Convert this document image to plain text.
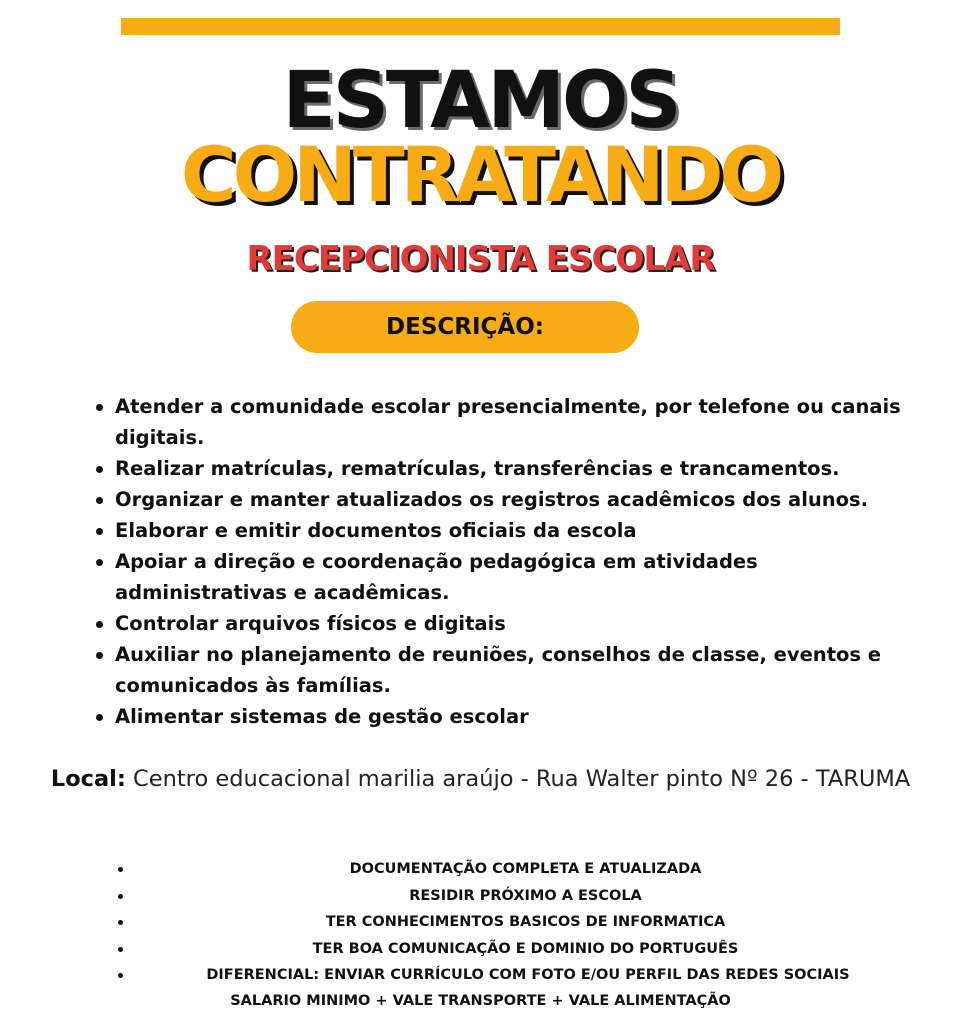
ESTAMOS
CONTRATANDO
RECEPCIONISTA ESCOLAR
DESCRIÇÃO:
Atender a comunidade escolar presencialmente, por telefone ou canais digitais.
Realizar matrículas, rematrículas, transferências e trancamentos.
Organizar e manter atualizados os registros acadêmicos dos alunos.
Elaborar e emitir documentos oficiais da escola
Apoiar a direção e coordenação pedagógica em atividades administrativas e acadêmicas.
Controlar arquivos físicos e digitais
Auxiliar no planejamento de reuniões, conselhos de classe, eventos e comunicados às famílias.
Alimentar sistemas de gestão escolar
Local: Centro educacional marilia araújo - Rua Walter pinto Nº 26 - TARUMA
DOCUMENTAÇÃO COMPLETA E ATUALIZADA
RESIDIR PRÓXIMO A ESCOLA
TER CONHECIMENTOS BASICOS DE INFORMATICA
TER BOA COMUNICAÇÃO E DOMINIO DO PORTUGUÊS
DIFERENCIAL: ENVIAR CURRÍCULO COM FOTO E/OU PERFIL DAS REDES SOCIAIS
SALARIO MINIMO + VALE TRANSPORTE + VALE ALIMENTAÇÃO
